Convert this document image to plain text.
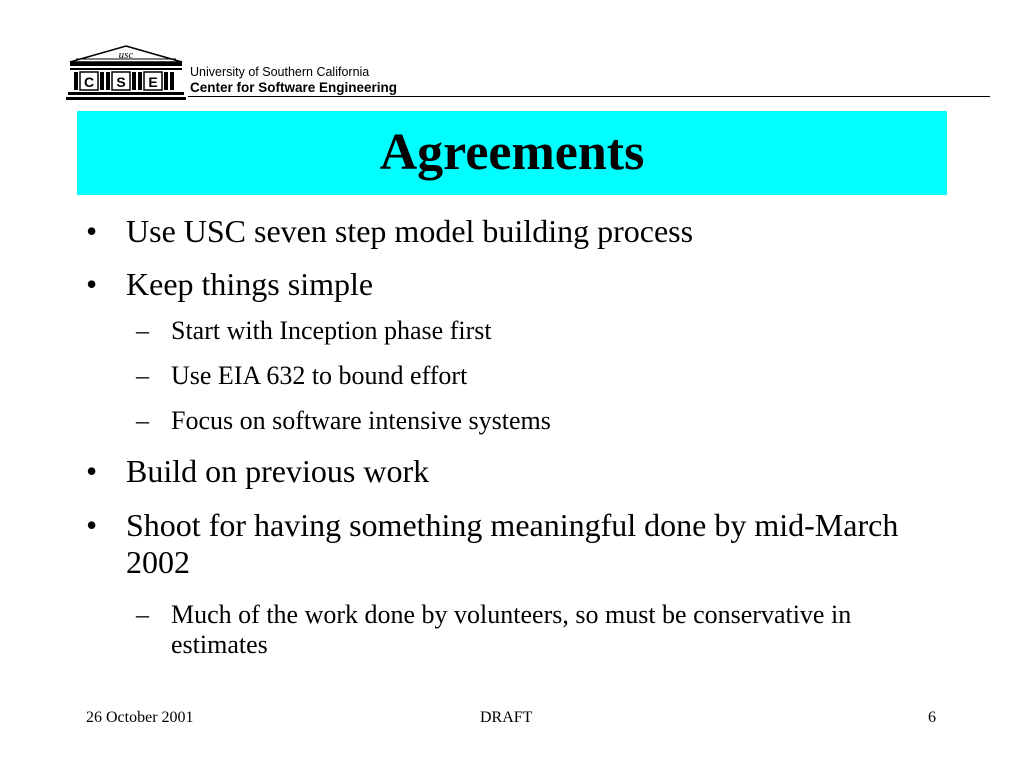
usc
C S E
University of Southern California
Center for Software Engineering
Agreements
• Use USC seven step model building process
• Keep things simple
– Start with Inception phase first
– Use EIA 632 to bound effort
– Focus on software intensive systems
• Build on previous work
• Shoot for having something meaningful done by mid-March 2002
– Much of the work done by volunteers, so must be conservative in estimates
26 October 2001	DRAFT	6
